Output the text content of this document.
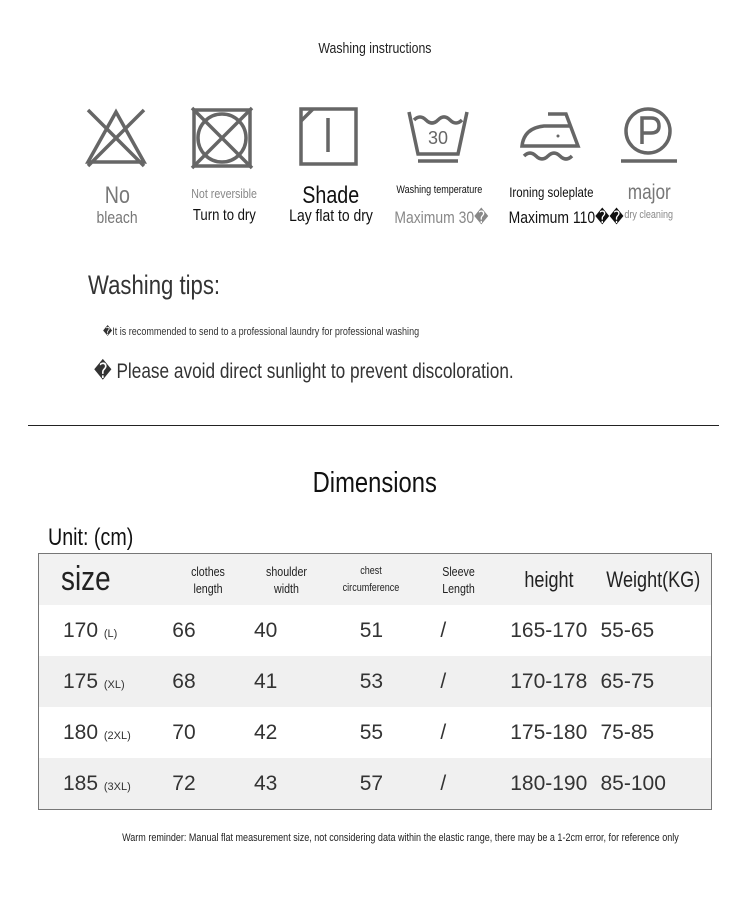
Washing instructions
30
No
bleach
Not reversible
Turn to dry
Shade
Lay flat to dry
Washing temperature
Maximum 30�
Ironing soleplate
Maximum 110��
major
dry cleaning
Washing tips:
�It is recommended to send to a professional laundry for professional washing
� Please avoid direct sunlight to prevent discoloration.
Dimensions
Unit: (cm)
size	clothes length	shoulder width	chest circumference	Sleeve Length	height	Weight(KG)
170 (L)	66	40	51	/	165-170	55-65
175 (XL)	68	41	53	/	170-178	65-75
180 (2XL)	70	42	55	/	175-180	75-85
185 (3XL)	72	43	57	/	180-190	85-100
Warm reminder: Manual flat measurement size, not considering data within the elastic range, there may be a 1-2cm error, for reference only
